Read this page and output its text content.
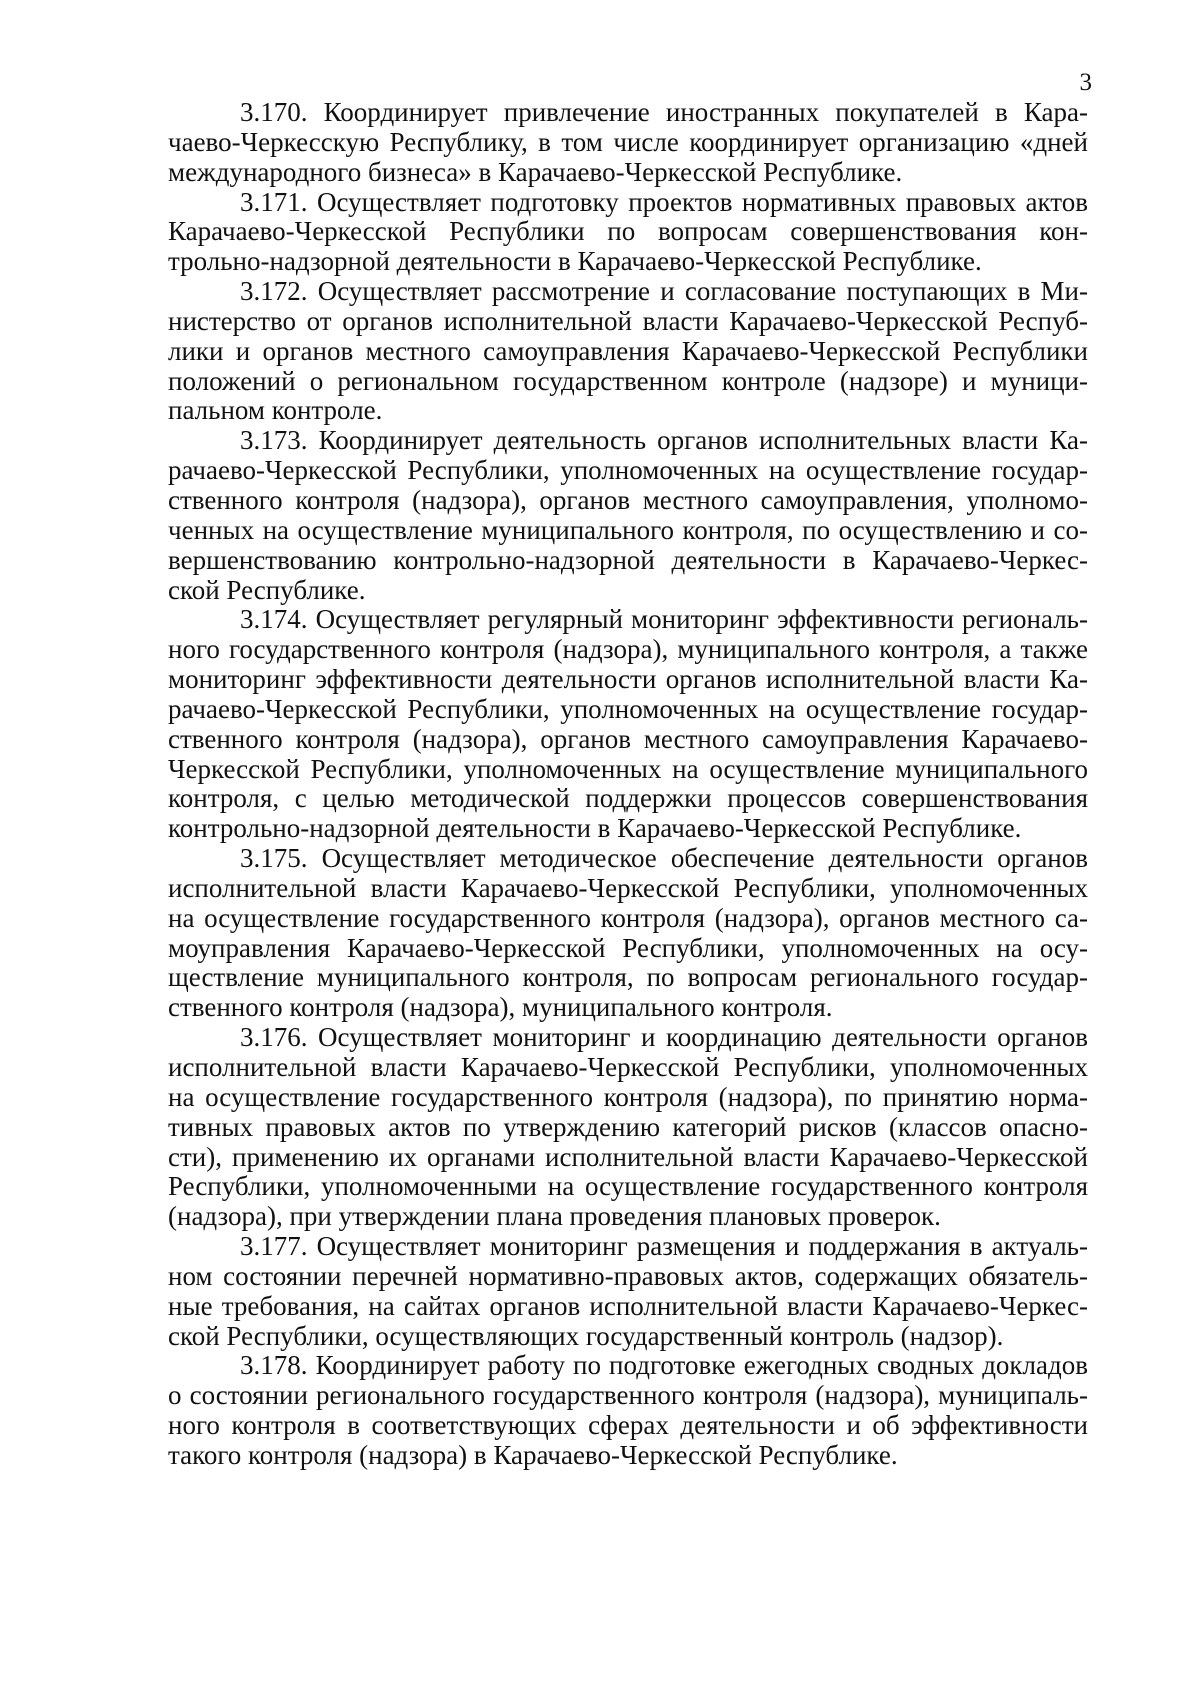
3

3.170. Координирует привлечение иностранных покупателей в Карачаево-Черкесскую Республику, в том числе координирует организацию «дней международного бизнеса» в Карачаево-Черкесской Республике.

3.171. Осуществляет подготовку проектов нормативных правовых актов Карачаево-Черкесской Республики по вопросам совершенствования контрольно-надзорной деятельности в Карачаево-Черкесской Республике.

3.172. Осуществляет рассмотрение и согласование поступающих в Министерство от органов исполнительной власти Карачаево-Черкесской Республики и органов местного самоуправления Карачаево-Черкесской Республики положений о региональном государственном контроле (надзоре) и муниципальном контроле.

3.173. Координирует деятельность органов исполнительных власти Карачаево-Черкесской Республики, уполномоченных на осуществление государственного контроля (надзора), органов местного самоуправления, уполномоченных на осуществление муниципального контроля, по осуществлению и совершенствованию контрольно-надзорной деятельности в Карачаево-Черкесской Республике.

3.174. Осуществляет регулярный мониторинг эффективности регионального государственного контроля (надзора), муниципального контроля, а также мониторинг эффективности деятельности органов исполнительной власти Карачаево-Черкесской Республики, уполномоченных на осуществление государственного контроля (надзора), органов местного самоуправления Карачаево-Черкесской Республики, уполномоченных на осуществление муниципального контроля, с целью методической поддержки процессов совершенствования контрольно-надзорной деятельности в Карачаево-Черкесской Республике.

3.175. Осуществляет методическое обеспечение деятельности органов исполнительной власти Карачаево-Черкесской Республики, уполномоченных на осуществление государственного контроля (надзора), органов местного самоуправления Карачаево-Черкесской Республики, уполномоченных на осуществление муниципального контроля, по вопросам регионального государственного контроля (надзора), муниципального контроля.

3.176. Осуществляет мониторинг и координацию деятельности органов исполнительной власти Карачаево-Черкесской Республики, уполномоченных на осуществление государственного контроля (надзора), по принятию нормативных правовых актов по утверждению категорий рисков (классов опасности), применению их органами исполнительной власти Карачаево-Черкесской Республики, уполномоченными на осуществление государственного контроля (надзора), при утверждении плана проведения плановых проверок.

3.177. Осуществляет мониторинг размещения и поддержания в актуальном состоянии перечней нормативно-правовых актов, содержащих обязательные требования, на сайтах органов исполнительной власти Карачаево-Черкесской Республики, осуществляющих государственный контроль (надзор).

3.178. Координирует работу по подготовке ежегодных сводных докладов о состоянии регионального государственного контроля (надзора), муниципального контроля в соответствующих сферах деятельности и об эффективности такого контроля (надзора) в Карачаево-Черкесской Республике.
